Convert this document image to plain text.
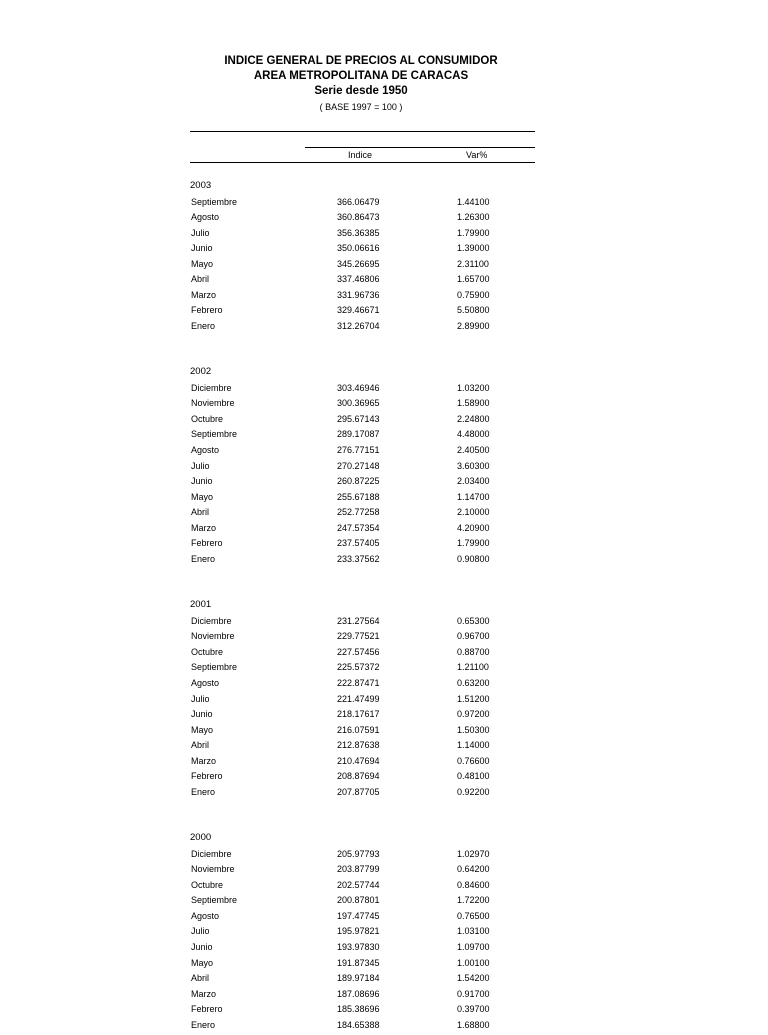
INDICE GENERAL DE PRECIOS AL CONSUMIDOR
AREA METROPOLITANA DE CARACAS
Serie desde 1950
( BASE 1997 = 100 )
Indice	Var%
2003
Septiembre	366.06479	1.44100
Agosto	360.86473	1.26300
Julio	356.36385	1.79900
Junio	350.06616	1.39000
Mayo	345.26695	2.31100
Abril	337.46806	1.65700
Marzo	331.96736	0.75900
Febrero	329.46671	5.50800
Enero	312.26704	2.89900
2002
Diciembre	303.46946	1.03200
Noviembre	300.36965	1.58900
Octubre	295.67143	2.24800
Septiembre	289.17087	4.48000
Agosto	276.77151	2.40500
Julio	270.27148	3.60300
Junio	260.87225	2.03400
Mayo	255.67188	1.14700
Abril	252.77258	2.10000
Marzo	247.57354	4.20900
Febrero	237.57405	1.79900
Enero	233.37562	0.90800
2001
Diciembre	231.27564	0.65300
Noviembre	229.77521	0.96700
Octubre	227.57456	0.88700
Septiembre	225.57372	1.21100
Agosto	222.87471	0.63200
Julio	221.47499	1.51200
Junio	218.17617	0.97200
Mayo	216.07591	1.50300
Abril	212.87638	1.14000
Marzo	210.47694	0.76600
Febrero	208.87694	0.48100
Enero	207.87705	0.92200
2000
Diciembre	205.97793	1.02970
Noviembre	203.87799	0.64200
Octubre	202.57744	0.84600
Septiembre	200.87801	1.72200
Agosto	197.47745	0.76500
Julio	195.97821	1.03100
Junio	193.97830	1.09700
Mayo	191.87345	1.00100
Abril	189.97184	1.54200
Marzo	187.08696	0.91700
Febrero	185.38696	0.39700
Enero	184.65388	1.68800
